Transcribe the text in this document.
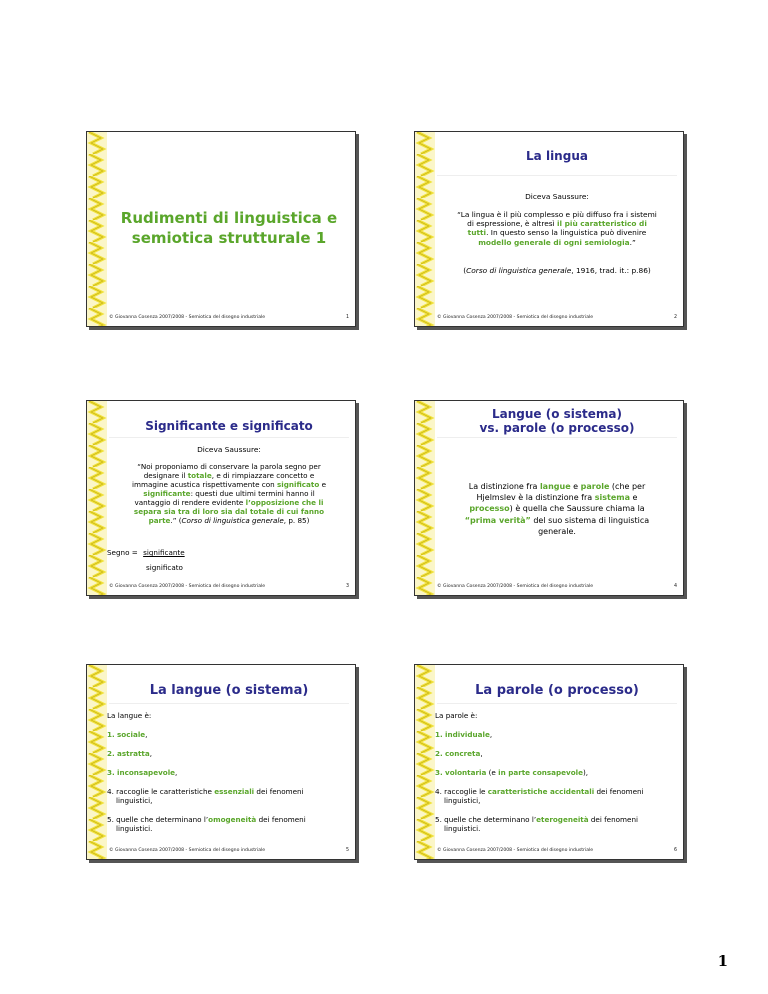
Rudimenti di linguistica e
semiotica strutturale 1
© Giovanna Cosenza 2007/2008 - Semiotica del disegno industriale	1
La lingua
Diceva Saussure:
“La lingua è il più complesso e più diffuso fra i sistemi
di espressione, è altresì il più caratteristico di
tutti. In questo senso la linguistica può divenire
modello generale di ogni semiologia.”
(Corso di linguistica generale, 1916, trad. it.: p.86)
© Giovanna Cosenza 2007/2008 - Semiotica del disegno industriale	2
Significante e significato
Diceva Saussure:
“Noi proponiamo di conservare la parola segno per
designare il totale, e di rimpiazzare concetto e
immagine acustica rispettivamente con significato e
significante: questi due ultimi termini hanno il
vantaggio di rendere evidente l’opposizione che li
separa sia tra di loro sia dal totale di cui fanno
parte.” (Corso di linguistica generale, p. 85)
Segno = significante
significato
© Giovanna Cosenza 2007/2008 - Semiotica del disegno industriale	3
Langue (o sistema)
vs. parole (o processo)
La distinzione fra langue e parole (che per
Hjelmslev è la distinzione fra sistema e
processo) è quella che Saussure chiama la
“prima verità” del suo sistema di linguistica
generale.
© Giovanna Cosenza 2007/2008 - Semiotica del disegno industriale	4
La langue (o sistema)
La langue è:
1. sociale,
2. astratta,
3. inconsapevole,
4. raccoglie le caratteristiche essenziali dei fenomeni
linguistici,
5. quelle che determinano l’omogeneità dei fenomeni
linguistici.
© Giovanna Cosenza 2007/2008 - Semiotica del disegno industriale	5
La parole (o processo)
La parole è:
1. individuale,
2. concreta,
3. volontaria (e in parte consapevole),
4. raccoglie le caratteristiche accidentali dei fenomeni
linguistici,
5. quelle che determinano l’eterogeneità dei fenomeni
linguistici.
© Giovanna Cosenza 2007/2008 - Semiotica del disegno industriale	6
1
